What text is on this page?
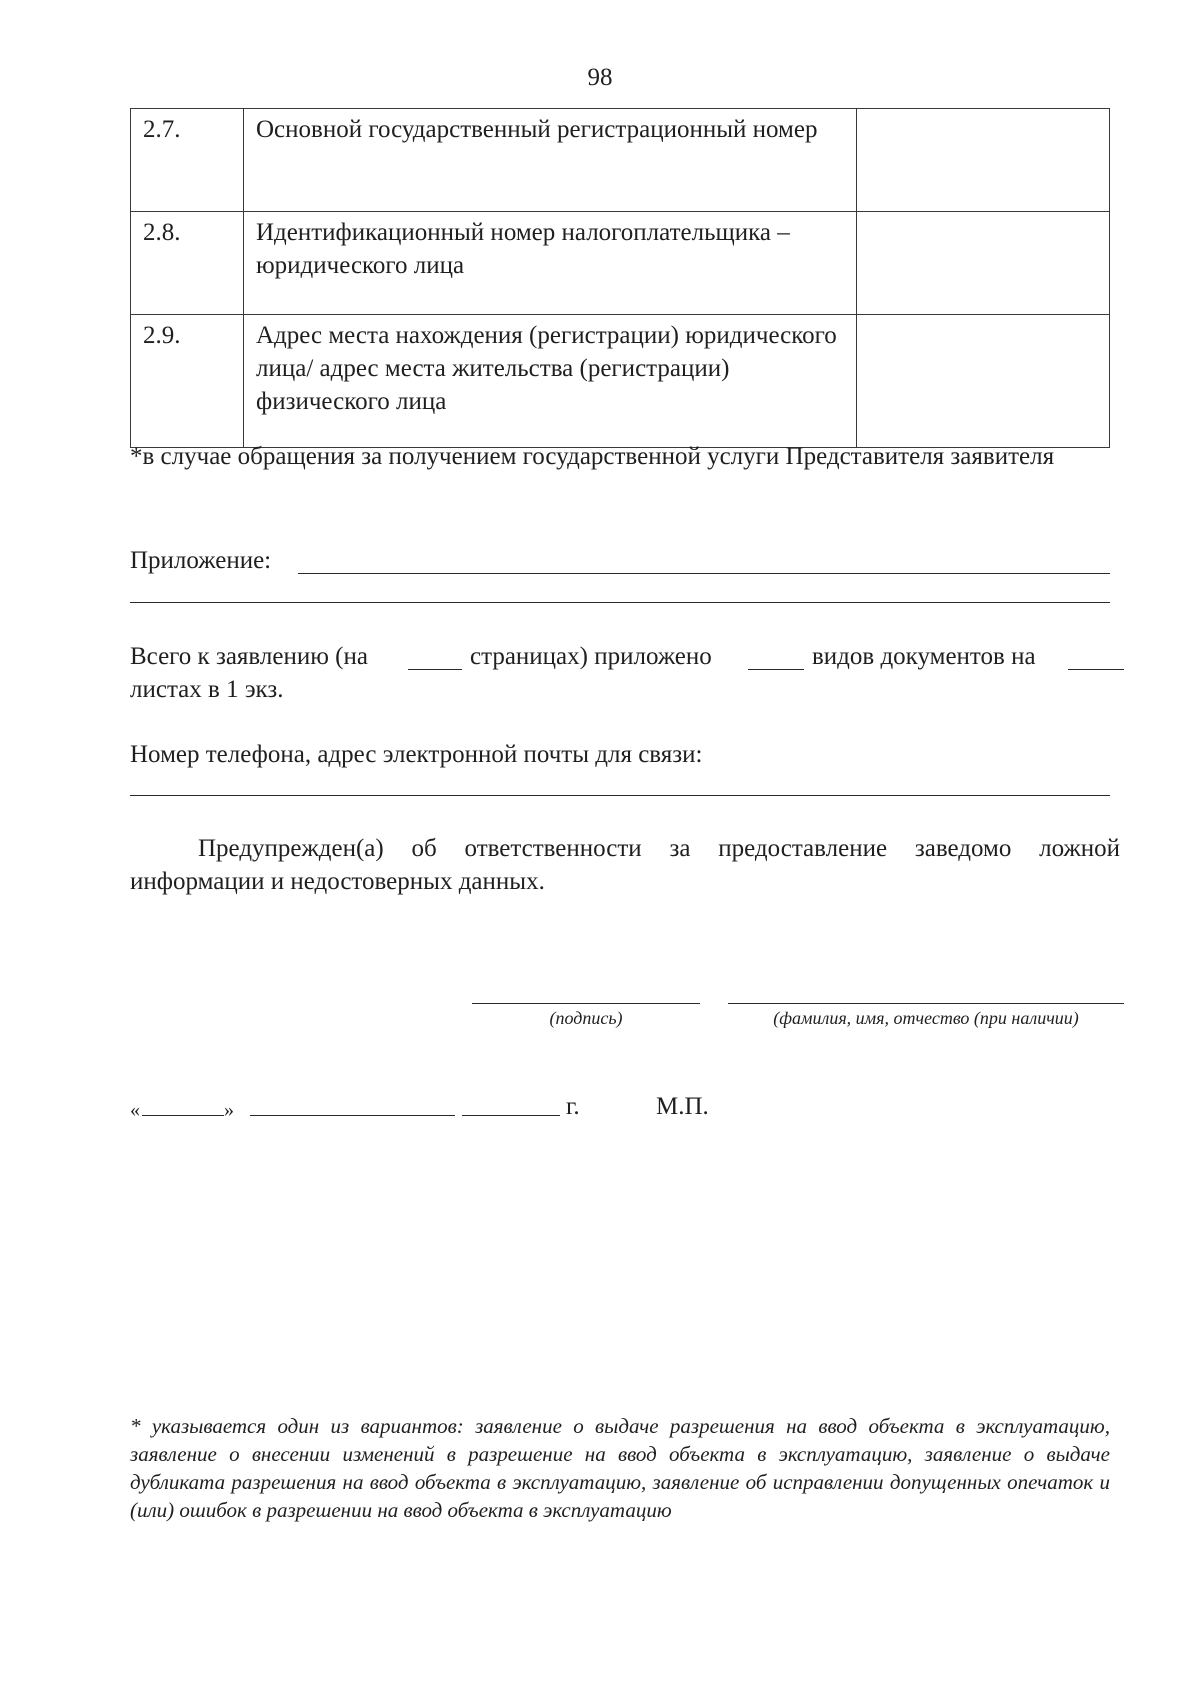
98
2.7.	Основной государственный регистрационный номер	
2.8.	Идентификационный номер налогоплательщика – юридического лица	
2.9.	Адрес места нахождения (регистрации) юридического лица/ адрес места жительства (регистрации) физического лица	
*в случае обращения за получением государственной услуги Представителя заявителя
Приложение:
Всего к заявлению (на	страницах) приложено	видов документов на
листах в 1 экз.
Номер телефона, адрес электронной почты для связи:
Предупрежден(а) об ответственности за предоставление заведомо ложной информации и недостоверных данных.
(подпись)	(фамилия, имя, отчество (при наличии)
«	»	г.	М.П.
* указывается один из вариантов: заявление о выдаче разрешения на ввод объекта в эксплуатацию, заявление о внесении изменений в разрешение на ввод объекта в эксплуатацию, заявление о выдаче дубликата разрешения на ввод объекта в эксплуатацию, заявление об исправлении допущенных опечаток и (или) ошибок в разрешении на ввод объекта в эксплуатацию
